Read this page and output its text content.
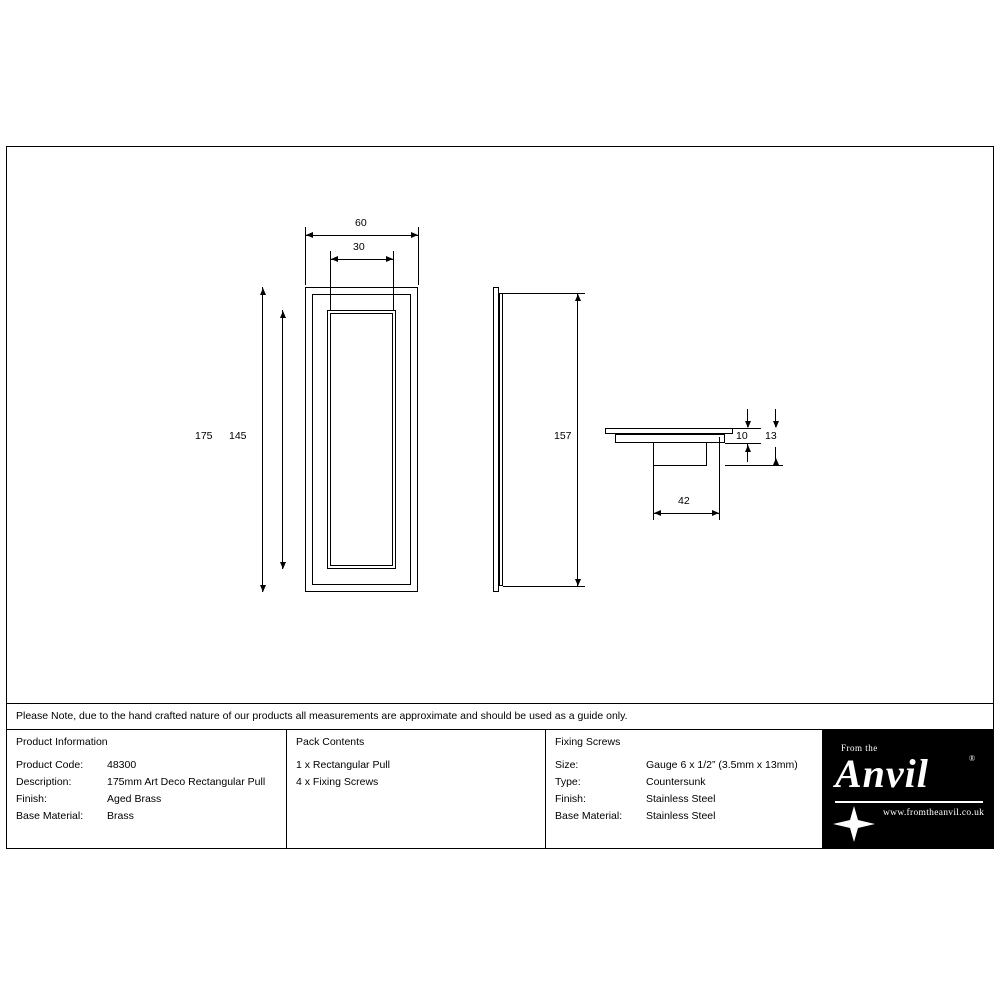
60
30
175 145	157	10 13
42
Please Note, due to the hand crafted nature of our products all measurements are approximate and should be used as a guide only.
Product Information
Product Code:	48300
Description:	175mm Art Deco Rectangular Pull
Finish:	Aged Brass
Base Material:	Brass
Pack Contents
1 x Rectangular Pull
4 x Fixing Screws
Fixing Screws
Size:	Gauge 6 x 1/2” (3.5mm x 13mm)
Type:	Countersunk
Finish:	Stainless Steel
Base Material:	Stainless Steel
From the
Anvil	®
www.fromtheanvil.co.uk
